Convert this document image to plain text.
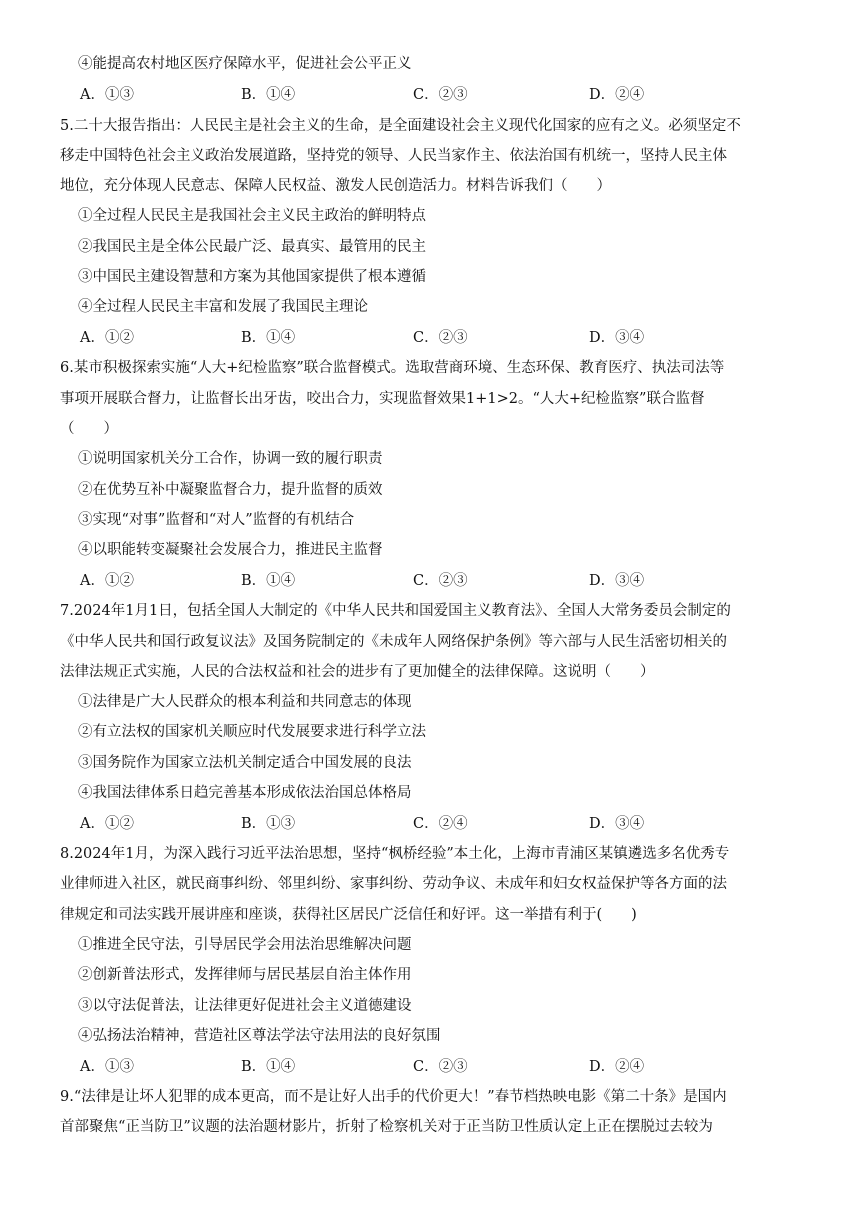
④能提高农村地区医疗保障水平，促进社会公平正义
A．①③	B．①④	C．②③	D．②④
5.二十大报告指出：人民民主是社会主义的生命，是全面建设社会主义现代化国家的应有之义。必须坚定不
移走中国特色社会主义政治发展道路，坚持党的领导、人民当家作主、依法治国有机统一，坚持人民主体
地位，充分体现人民意志、保障人民权益、激发人民创造活力。材料告诉我们（　　）
①全过程人民民主是我国社会主义民主政治的鲜明特点
②我国民主是全体公民最广泛、最真实、最管用的民主
③中国民主建设智慧和方案为其他国家提供了根本遵循
④全过程人民民主丰富和发展了我国民主理论
A．①②	B．①④	C．②③	D．③④
6.某市积极探索实施“人大+纪检监察”联合监督模式。选取营商环境、生态环保、教育医疗、执法司法等
事项开展联合督力，让监督长出牙齿，咬出合力，实现监督效果1+1>2。“人大+纪检监察”联合监督
（　　）
①说明国家机关分工合作，协调一致的履行职责
②在优势互补中凝聚监督合力，提升监督的质效
③实现“对事”监督和“对人”监督的有机结合
④以职能转变凝聚社会发展合力，推进民主监督
A．①②	B．①④	C．②③	D．③④
7.2024年1月1日，包括全国人大制定的《中华人民共和国爱国主义教育法》、全国人大常务委员会制定的
《中华人民共和国行政复议法》及国务院制定的《未成年人网络保护条例》等六部与人民生活密切相关的
法律法规正式实施，人民的合法权益和社会的进步有了更加健全的法律保障。这说明（　　）
①法律是广大人民群众的根本利益和共同意志的体现
②有立法权的国家机关顺应时代发展要求进行科学立法
③国务院作为国家立法机关制定适合中国发展的良法
④我国法律体系日趋完善基本形成依法治国总体格局
A．①②	B．①③	C．②④	D．③④
8.2024年1月，为深入践行习近平法治思想，坚持“枫桥经验”本土化，上海市青浦区某镇遴选多名优秀专
业律师进入社区，就民商事纠纷、邻里纠纷、家事纠纷、劳动争议、未成年和妇女权益保护等各方面的法
律规定和司法实践开展讲座和座谈，获得社区居民广泛信任和好评。这一举措有利于(　　)
①推进全民守法，引导居民学会用法治思维解决问题
②创新普法形式，发挥律师与居民基层自治主体作用
③以守法促普法，让法律更好促进社会主义道德建设
④弘扬法治精神，营造社区尊法学法守法用法的良好氛围
A．①③	B．①④	C．②③	D．②④
9.“法律是让坏人犯罪的成本更高，而不是让好人出手的代价更大！”春节档热映电影《第二十条》是国内
首部聚焦“正当防卫”议题的法治题材影片，折射了检察机关对于正当防卫性质认定上正在摆脱过去较为
